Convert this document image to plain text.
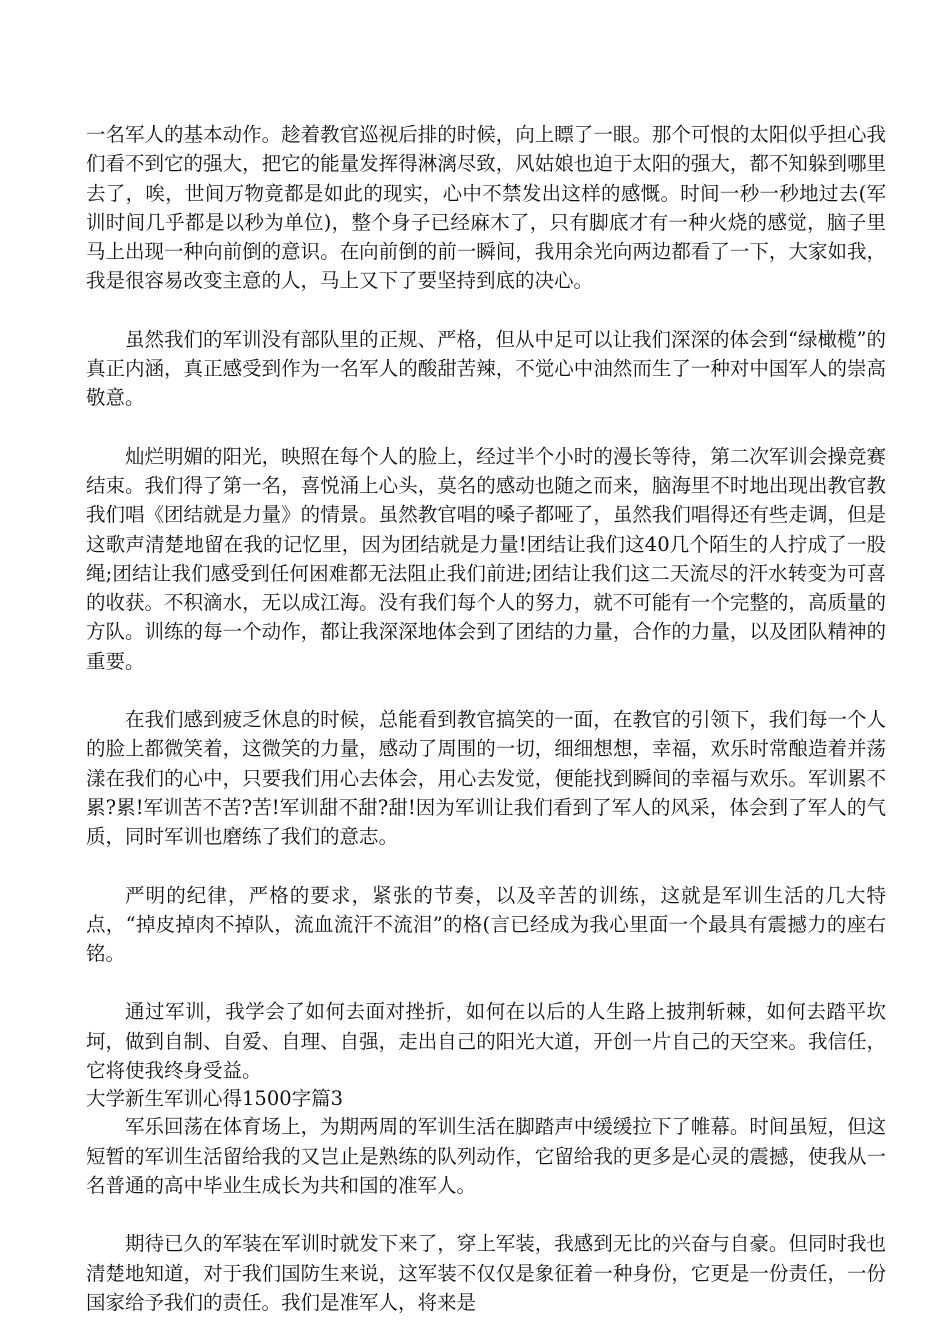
一名军人的基本动作。趁着教官巡视后排的时候，向上瞟了一眼。那个可恨的太阳似乎担心我们看不到它的强大，把它的能量发挥得淋漓尽致，风姑娘也迫于太阳的强大，都不知躲到哪里去了，唉，世间万物竟都是如此的现实，心中不禁发出这样的感慨。时间一秒一秒地过去(军训时间几乎都是以秒为单位)，整个身子已经麻木了，只有脚底才有一种火烧的感觉，脑子里马上出现一种向前倒的意识。在向前倒的前一瞬间，我用余光向两边都看了一下，大家如我，我是很容易改变主意的人，马上又下了要坚持到底的决心。

虽然我们的军训没有部队里的正规、严格，但从中足可以让我们深深的体会到“绿橄榄”的真正内涵，真正感受到作为一名军人的酸甜苦辣，不觉心中油然而生了一种对中国军人的崇高敬意。

灿烂明媚的阳光，映照在每个人的脸上，经过半个小时的漫长等待，第二次军训会操竞赛结束。我们得了第一名，喜悦涌上心头，莫名的感动也随之而来，脑海里不时地出现出教官教我们唱《团结就是力量》的情景。虽然教官唱的嗓子都哑了，虽然我们唱得还有些走调，但是这歌声清楚地留在我的记忆里，因为团结就是力量!团结让我们这40几个陌生的人拧成了一股绳;团结让我们感受到任何困难都无法阻止我们前进;团结让我们这二天流尽的汗水转变为可喜的收获。不积滴水，无以成江海。没有我们每个人的努力，就不可能有一个完整的，高质量的方队。训练的每一个动作，都让我深深地体会到了团结的力量，合作的力量，以及团队精神的重要。

在我们感到疲乏休息的时候，总能看到教官搞笑的一面，在教官的引领下，我们每一个人的脸上都微笑着，这微笑的力量，感动了周围的一切，细细想想，幸福，欢乐时常酿造着并荡漾在我们的心中，只要我们用心去体会，用心去发觉，便能找到瞬间的幸福与欢乐。军训累不累?累!军训苦不苦?苦!军训甜不甜?甜!因为军训让我们看到了军人的风采，体会到了军人的气质，同时军训也磨练了我们的意志。

严明的纪律，严格的要求，紧张的节奏，以及辛苦的训练，这就是军训生活的几大特点，“掉皮掉肉不掉队，流血流汗不流泪”的格(言已经成为我心里面一个最具有震撼力的座右铭。

通过军训，我学会了如何去面对挫折，如何在以后的人生路上披荆斩棘，如何去踏平坎坷，做到自制、自爱、自理、自强，走出自己的阳光大道，开创一片自己的天空来。我信任，它将使我终身受益。

大学新生军训心得1500字篇3

军乐回荡在体育场上，为期两周的军训生活在脚踏声中缓缓拉下了帷幕。时间虽短，但这短暂的军训生活留给我的又岂止是熟练的队列动作，它留给我的更多是心灵的震撼，使我从一名普通的高中毕业生成长为共和国的准军人。

期待已久的军装在军训时就发下来了，穿上军装，我感到无比的兴奋与自豪。但同时我也清楚地知道，对于我们国防生来说，这军装不仅仅是象征着一种身份，它更是一份责任，一份国家给予我们的责任。我们是准军人，将来是
